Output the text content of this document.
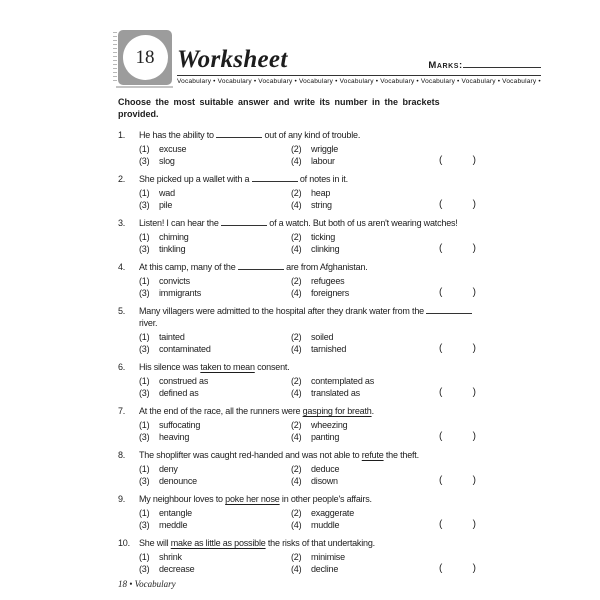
18 Worksheet	Marks:
Vocabulary • Vocabulary • Vocabulary • Vocabulary • Vocabulary • Vocabulary • Vocabulary • Vocabulary • Vocabulary •

Choose the most suitable answer and write its number in the brackets provided.

1.	He has the ability to	out of any kind of trouble.
(1)	excuse	(2)	wriggle
(3)	slog	(4)	labour	(	)
2.	She picked up a wallet with a	of notes in it.
(1)	wad	(2)	heap
(3)	pile	(4)	string	(	)
3.	Listen! I can hear the	of a watch. But both of us aren't wearing watches!
(1)	chiming	(2)	ticking
(3)	tinkling	(4)	clinking	(	)
4.	At this camp, many of the	are from Afghanistan.
(1)	convicts	(2)	refugees
(3)	immigrants	(4)	foreigners	(	)
5.	Many villagers were admitted to the hospital after they drank water from the  river.
(1)	tainted	(2)	soiled
(3)	contaminated	(4)	tarnished	(	)
6.	His silence was taken to mean consent.
(1)	construed as	(2)	contemplated as
(3)	defined as	(4)	translated as	(	)
7.	At the end of the race, all the runners were gasping for breath.
(1)	suffocating	(2)	wheezing
(3)	heaving	(4)	panting	(	)
8.	The shoplifter was caught red-handed and was not able to refute the theft.
(1)	deny	(2)	deduce
(3)	denounce	(4)	disown	(	)
9.	My neighbour loves to poke her nose in other people's affairs.
(1)	entangle	(2)	exaggerate
(3)	meddle	(4)	muddle	(	)
10.	She will make as little as possible the risks of that undertaking.
(1)	shrink	(2)	minimise
(3)	decrease	(4)	decline	(	)
18 • Vocabulary
